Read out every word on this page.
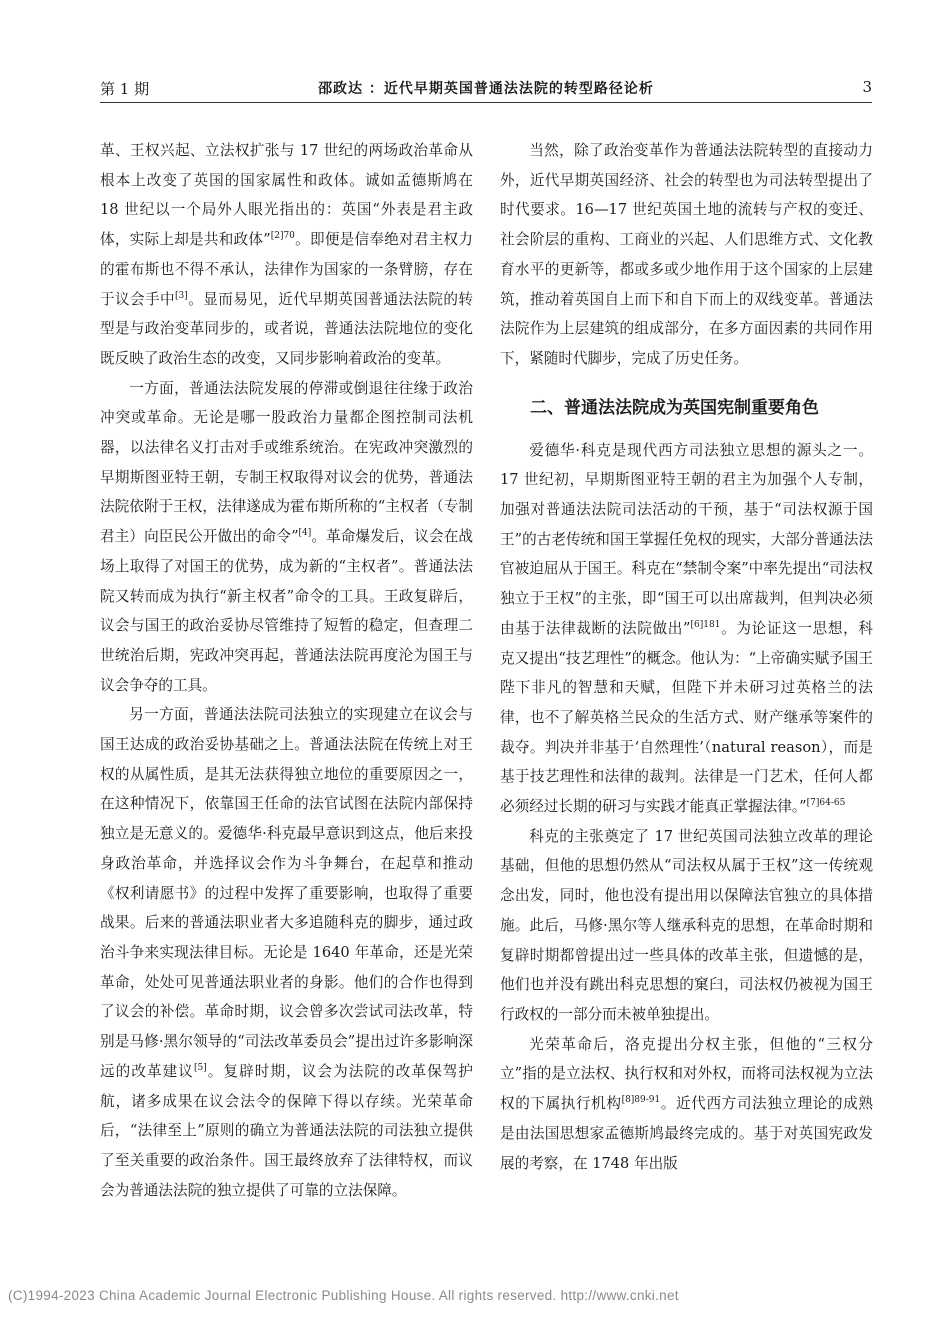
第 1 期	邵政达 ：近代早期英国普通法法院的转型路径论析	3

革、王权兴起、立法权扩张与 17 世纪的两场政治革命从根本上改变了英国的国家属性和政体。诚如孟德斯鸠在 18 世纪以一个局外人眼光指出的：英国“外表是君主政体，实际上却是共和政体”$^{[2]70}$。即便是信奉绝对君主权力的霍布斯也不得不承认，法律作为国家的一条臂膀，存在于议会手中[3]。显而易见，近代早期英国普通法法院的转型是与政治变革同步的，或者说，普通法法院地位的变化既反映了政治生态的改变，又同步影响着政治的变革。

一方面，普通法法院发展的停滞或倒退往往缘于政治冲突或革命。无论是哪一股政治力量都企图控制司法机器，以法律名义打击对手或维系统治。在宪政冲突激烈的早期斯图亚特王朝，专制王权取得对议会的优势，普通法法院依附于王权，法律遂成为霍布斯所称的“主权者（专制君主）向臣民公开做出的命令”[4]。革命爆发后，议会在战场上取得了对国王的优势，成为新的“主权者”。普通法法院又转而成为执行“新主权者”命令的工具。王政复辟后，议会与国王的政治妥协尽管维持了短暂的稳定，但查理二世统治后期，宪政冲突再起，普通法法院再度沦为国王与议会争夺的工具。

另一方面，普通法法院司法独立的实现建立在议会与国王达成的政治妥协基础之上。普通法法院在传统上对王权的从属性质，是其无法获得独立地位的重要原因之一，在这种情况下，依靠国王任命的法官试图在法院内部保持独立是无意义的。爱德华·科克最早意识到这点，他后来投身政治革命，并选择议会作为斗争舞台，在起草和推动《权利请愿书》的过程中发挥了重要影响，也取得了重要战果。后来的普通法职业者大多追随科克的脚步，通过政治斗争来实现法律目标。无论是 1640 年革命，还是光荣革命，处处可见普通法职业者的身影。他们的合作也得到了议会的补偿。革命时期，议会曾多次尝试司法改革，特别是马修·黑尔领导的“司法改革委员会”提出过许多影响深远的改革建议[5]。复辟时期，议会为法院的改革保驾护航，诸多成果在议会法令的保障下得以存续。光荣革命后，“法律至上”原则的确立为普通法法院的司法独立提供了至关重要的政治条件。国王最终放弃了法律特权，而议会为普通法法院的独立提供了可靠的立法保障。

当然，除了政治变革作为普通法法院转型的直接动力外，近代早期英国经济、社会的转型也为司法转型提出了时代要求。16—17 世纪英国土地的流转与产权的变迁、社会阶层的重构、工商业的兴起、人们思维方式、文化教育水平的更新等，都或多或少地作用于这个国家的上层建筑，推动着英国自上而下和自下而上的双线变革。普通法法院作为上层建筑的组成部分，在多方面因素的共同作用下，紧随时代脚步，完成了历史任务。

二、普通法法院成为英国宪制重要角色

爱德华·科克是现代西方司法独立思想的源头之一。17 世纪初，早期斯图亚特王朝的君主为加强个人专制，加强对普通法法院司法活动的干预，基于“司法权源于国王”的古老传统和国王掌握任免权的现实，大部分普通法法官被迫屈从于国王。科克在“禁制令案”中率先提出“司法权独立于王权”的主张，即“国王可以出席裁判，但判决必须由基于法律裁断的法院做出”$^{[6]181}$。为论证这一思想，科克又提出“技艺理性”的概念。他认为：“上帝确实赋予国王陛下非凡的智慧和天赋，但陛下并未研习过英格兰的法律，也不了解英格兰民众的生活方式、财产继承等案件的裁夺。判决并非基于‘自然理性’（natural reason），而是基于技艺理性和法律的裁判。法律是一门艺术，任何人都必须经过长期的研习与实践才能真正掌握法律。”$^{[7]64-65}$

科克的主张奠定了 17 世纪英国司法独立改革的理论基础，但他的思想仍然从“司法权从属于王权”这一传统观念出发，同时，他也没有提出用以保障法官独立的具体措施。此后，马修·黑尔等人继承科克的思想，在革命时期和复辟时期都曾提出过一些具体的改革主张，但遗憾的是，他们也并没有跳出科克思想的窠臼，司法权仍被视为国王行政权的一部分而未被单独提出。

光荣革命后，洛克提出分权主张，但他的“三权分立”指的是立法权、执行权和对外权，而将司法权视为立法权的下属执行机构$^{[8]89-91}$。近代西方司法独立理论的成熟是由法国思想家孟德斯鸠最终完成的。基于对英国宪政发展的考察，在 1748 年出版

(C)1994-2023 China Academic Journal Electronic Publishing House. All rights reserved. http://www.cnki.net
